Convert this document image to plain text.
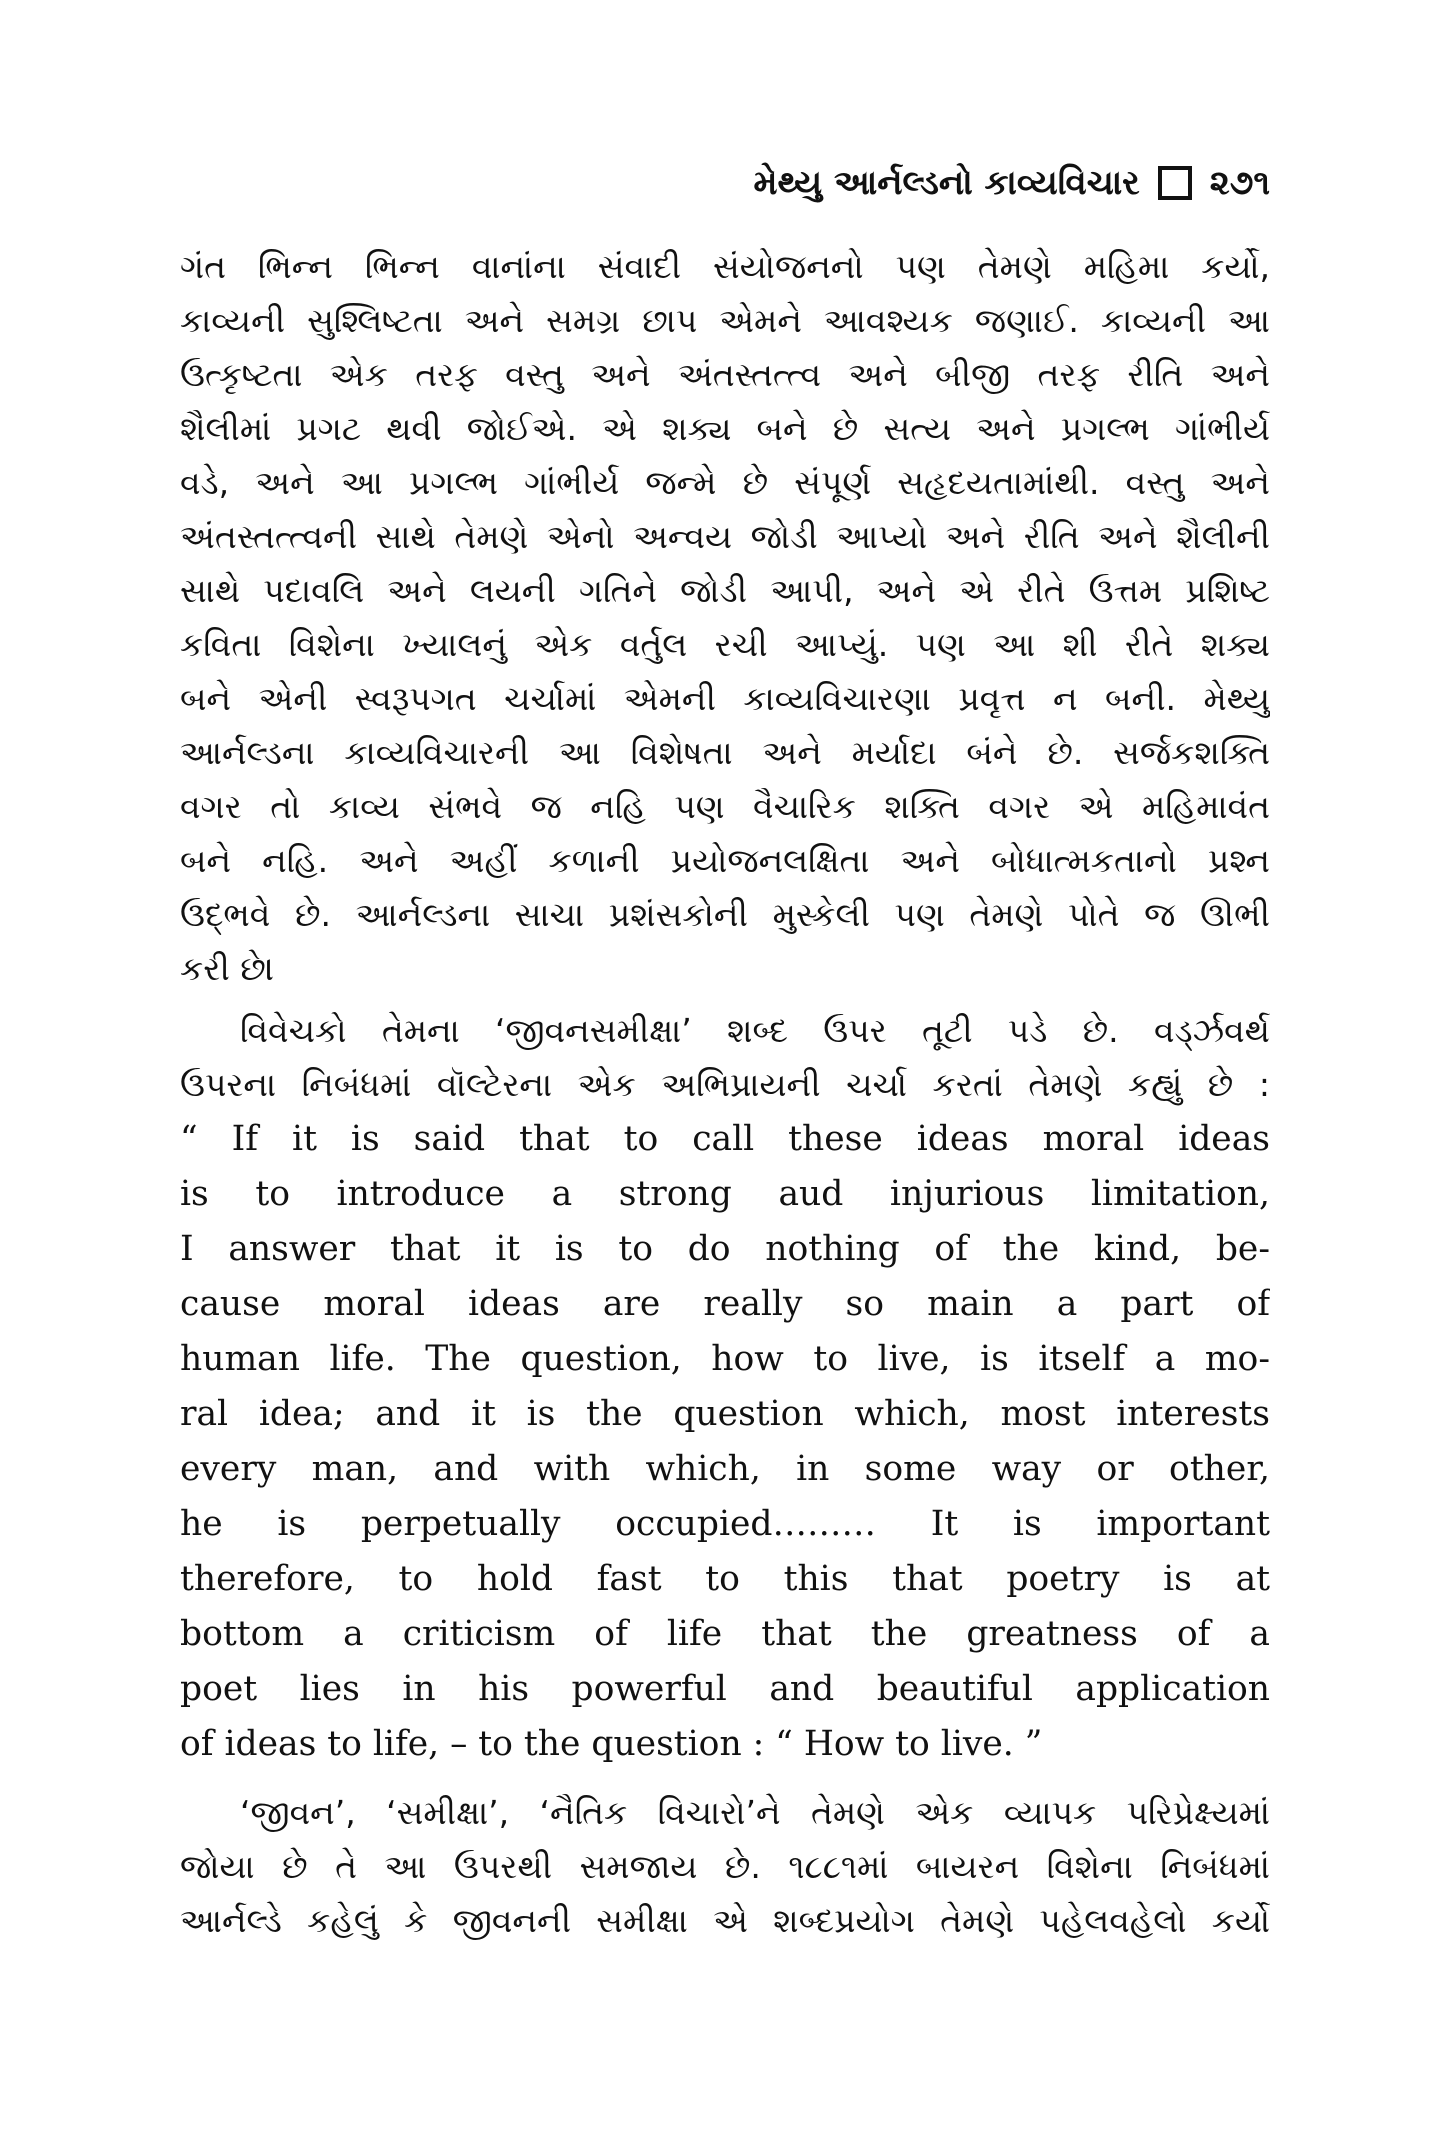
મેથ્યુ આર્નલ્ડનો કાવ્યવિચાર ૨૭૧
ગંત ભિન્ન ભિન્ન વાનાંના સંવાદી સંયોજનનો પણ તેમણે મહિમા કર્યો,
કાવ્યની સુશ્લિષ્ટતા અને સમગ્ર છાપ એમને આવશ્યક જણાઈ. કાવ્યની આ
ઉત્કૃષ્ટતા એક તરફ વસ્તુ અને અંતસ્તત્ત્વ અને બીજી તરફ રીતિ અને
શૈલીમાં પ્રગટ થવી જોઈએ. એ શક્ય બને છે સત્ય અને પ્રગલ્ભ ગાંભીર્ય
વડે, અને આ પ્રગલ્ભ ગાંભીર્ય જન્મે છે સંપૂર્ણ સહૃદયતામાંથી. વસ્તુ અને
અંતસ્તત્ત્વની સાથે તેમણે એનો અન્વય જોડી આપ્યો અને રીતિ અને શૈલીની
સાથે પદાવલિ અને લયની ગતિને જોડી આપી, અને એ રીતે ઉત્તમ પ્રશિષ્ટ
કવિતા વિશેના ખ્યાલનું એક વર્તુલ રચી આપ્યું. પણ આ શી રીતે શક્ય
બને એની સ્વરૂપગત ચર્ચામાં એમની કાવ્યવિચારણા પ્રવૃત્ત ન બની. મેથ્યુ
આર્નલ્ડના કાવ્યવિચારની આ વિશેષતા અને મર્યાદા બંને છે. સર્જકશક્તિ
વગર તો કાવ્ય સંભવે જ નહિ પણ વૈચારિક શક્તિ વગર એ મહિમાવંત
બને નહિ. અને અહીં કળાની પ્રયોજનલક્ષિતા અને બોધાત્મકતાનો પ્રશ્ન
ઉદ્ભવે છે. આર્નલ્ડના સાચા પ્રશંસકોની મુસ્કેલી પણ તેમણે પોતે જ ઊભી
કરી છે।
વિવેચકો તેમના ‘જીવનસમીક્ષા’ શબ્દ ઉપર તૂટી પડે છે. વર્ડ્ઝવર્થ
ઉપરના નિબંધમાં વૉલ્ટેરના એક અભિપ્રાયની ચર્ચા કરતાં તેમણે કહ્યું છે :
“ If it is said that to call these ideas moral ideas
is to introduce a strong aud injurious limitation,
I answer that it is to do nothing of the kind, be-
cause moral ideas are really so main a part of
human life. The question, how to live, is itself a mo-
ral idea; and it is the question which, most interests
every man, and with which, in some way or other,
he is perpetually occupied……… It is important
therefore, to hold fast to this that poetry is at
bottom a criticism of life that the greatness of a
poet lies in his powerful and beautiful application
of ideas to life, – to the question : “ How to live. ”
‘જીવન’, ‘સમીક્ષા’, ‘નૈતિક વિચારો’ને તેમણે એક વ્યાપક પરિપ્રેક્ષ્યમાં
જોયા છે તે આ ઉપરથી સમજાય છે. ૧૮૮૧માં બાયરન વિશેના નિબંધમાં
આર્નલ્ડે કહેલું કે જીવનની સમીક્ષા એ શબ્દપ્રયોગ તેમણે પહેલવહેલો કર્યો
